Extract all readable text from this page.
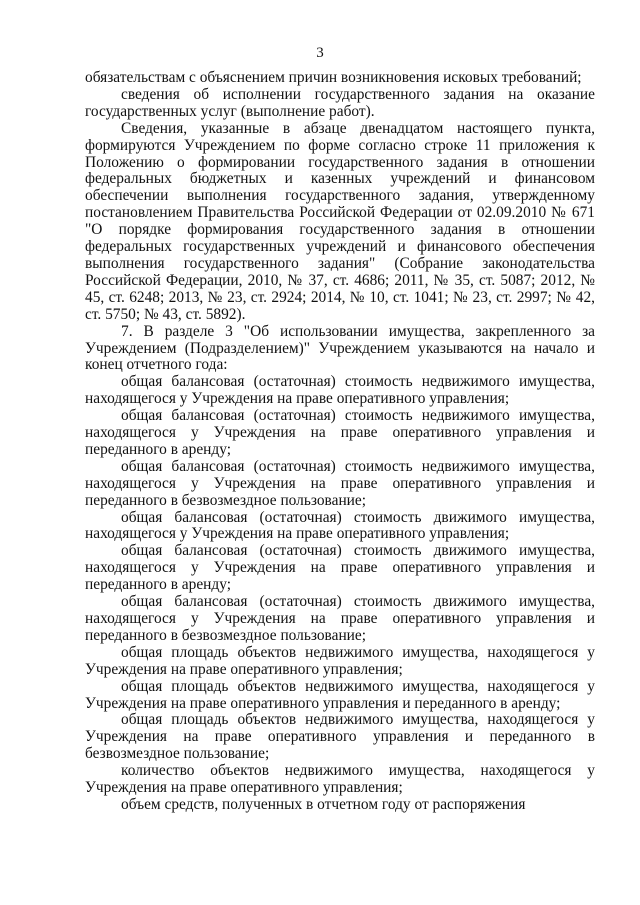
3

обязательствам с объяснением причин возникновения исковых требований;

сведения об исполнении государственного задания на оказание государственных услуг (выполнение работ).

Сведения, указанные в абзаце двенадцатом настоящего пункта, формируются Учреждением по форме согласно строке 11 приложения к Положению о формировании государственного задания в отношении федеральных бюджетных и казенных учреждений и финансовом обеспечении выполнения государственного задания, утвержденному постановлением Правительства Российской Федерации от 02.09.2010 № 671 "О порядке формирования государственного задания в отношении федеральных государственных учреждений и финансового обеспечения выполнения государственного задания" (Собрание законодательства Российской Федерации, 2010, № 37, ст. 4686; 2011, № 35, ст. 5087; 2012, № 45, ст. 6248; 2013, № 23, ст. 2924; 2014, № 10, ст. 1041; № 23, ст. 2997; № 42, ст. 5750; № 43, ст. 5892).

7. В разделе 3 "Об использовании имущества, закрепленного за Учреждением (Подразделением)" Учреждением указываются на начало и конец отчетного года:

общая балансовая (остаточная) стоимость недвижимого имущества, находящегося у Учреждения на праве оперативного управления;

общая балансовая (остаточная) стоимость недвижимого имущества, находящегося у Учреждения на праве оперативного управления и переданного в аренду;

общая балансовая (остаточная) стоимость недвижимого имущества, находящегося у Учреждения на праве оперативного управления и переданного в безвозмездное пользование;

общая балансовая (остаточная) стоимость движимого имущества, находящегося у Учреждения на праве оперативного управления;

общая балансовая (остаточная) стоимость движимого имущества, находящегося у Учреждения на праве оперативного управления и переданного в аренду;

общая балансовая (остаточная) стоимость движимого имущества, находящегося у Учреждения на праве оперативного управления и переданного в безвозмездное пользование;

общая площадь объектов недвижимого имущества, находящегося у Учреждения на праве оперативного управления;

общая площадь объектов недвижимого имущества, находящегося у Учреждения на праве оперативного управления и переданного в аренду;

общая площадь объектов недвижимого имущества, находящегося у Учреждения на праве оперативного управления и переданного в безвозмездное пользование;

количество объектов недвижимого имущества, находящегося у Учреждения на праве оперативного управления;

объем средств, полученных в отчетном году от распоряжения
